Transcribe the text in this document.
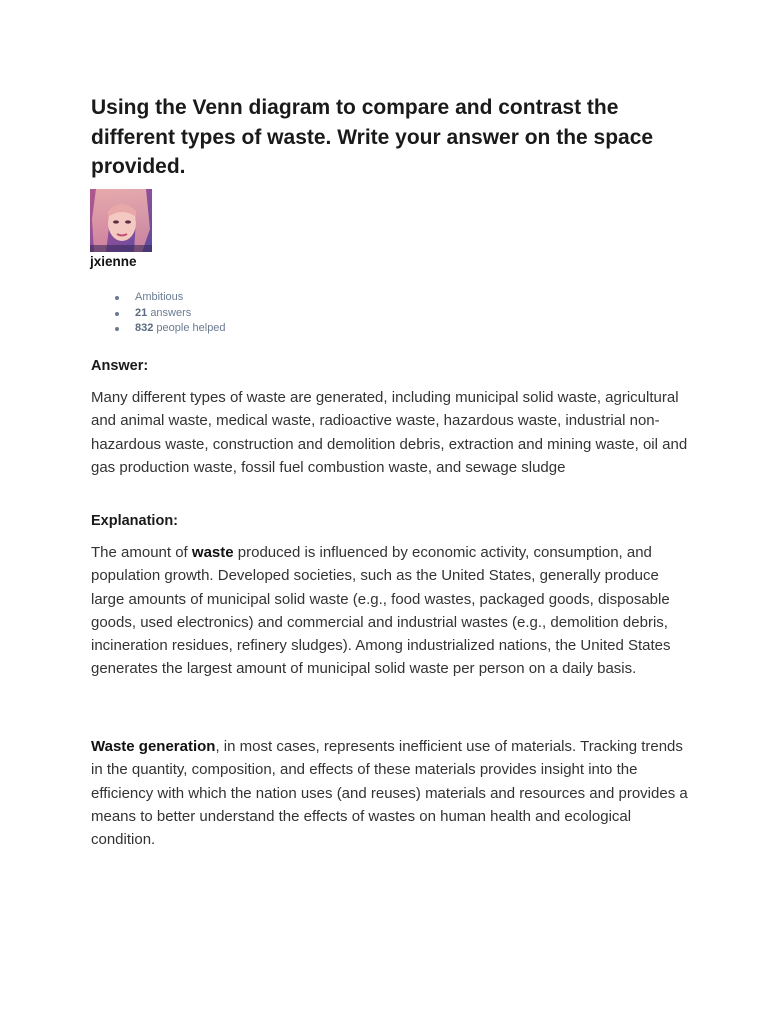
Using the Venn diagram to compare and contrast the different types of waste. Write your answer on the space provided.
jxienne
Ambitious
21 answers
832 people helped
Answer:

Many different types of waste are generated, including municipal solid waste, agricultural and animal waste, medical waste, radioactive waste, hazardous waste, industrial non-hazardous waste, construction and demolition debris, extraction and mining waste, oil and gas production waste, fossil fuel combustion waste, and sewage sludge

Explanation:

The amount of waste produced is influenced by economic activity, consumption, and population growth. Developed societies, such as the United States, generally produce large amounts of municipal solid waste (e.g., food wastes, packaged goods, disposable goods, used electronics) and commercial and industrial wastes (e.g., demolition debris, incineration residues, refinery sludges). Among industrialized nations, the United States generates the largest amount of municipal solid waste per person on a daily basis.

Waste generation, in most cases, represents inefficient use of materials. Tracking trends in the quantity, composition, and effects of these materials provides insight into the efficiency with which the nation uses (and reuses) materials and resources and provides a means to better understand the effects of wastes on human health and ecological condition.
